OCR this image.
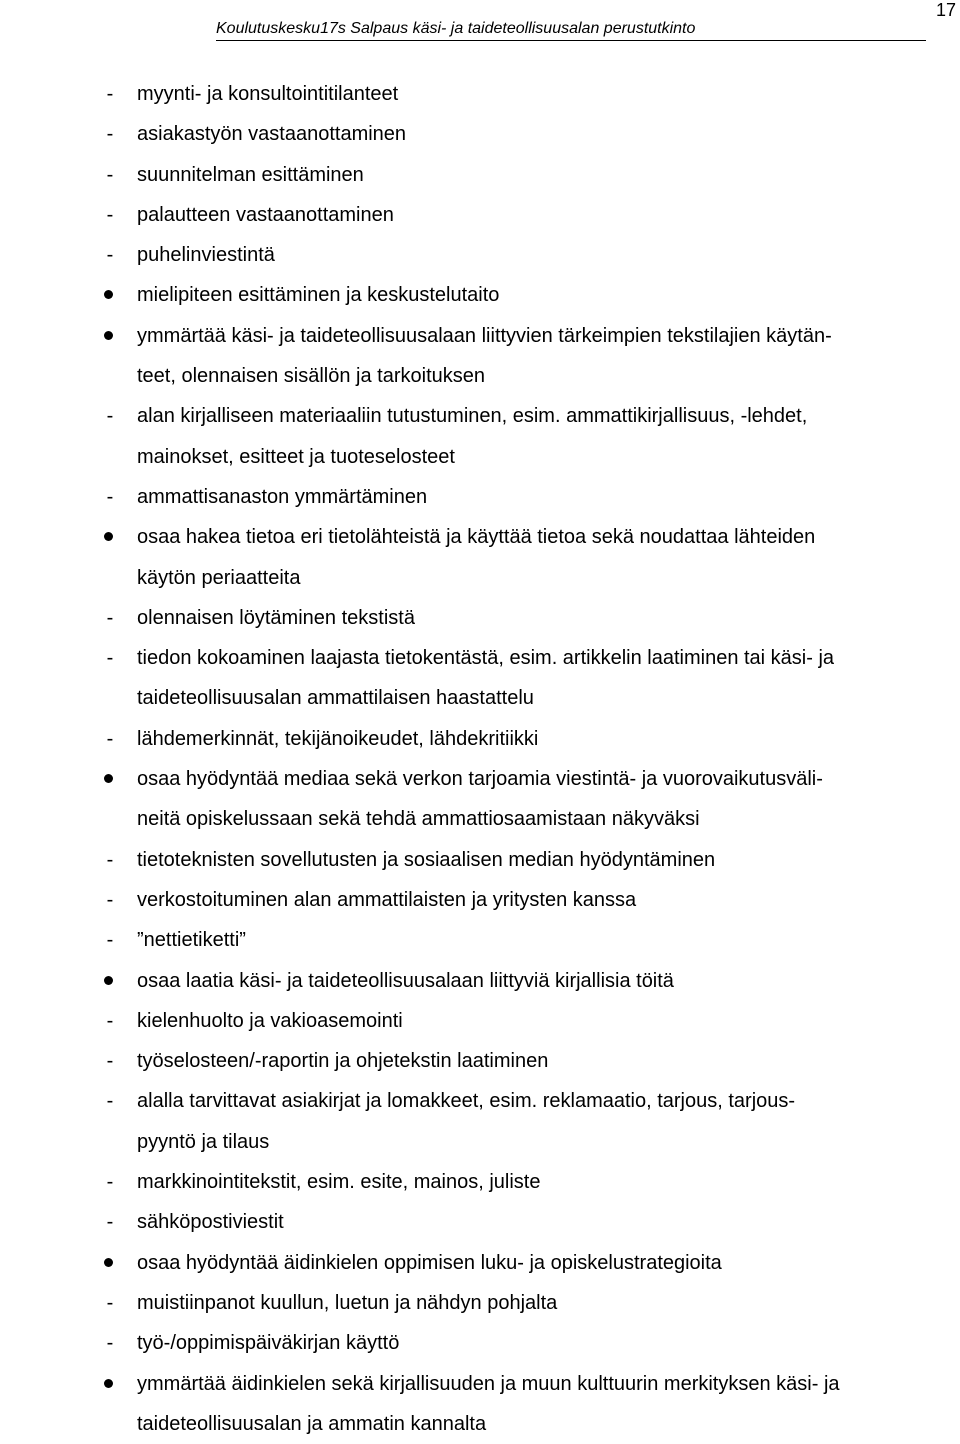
Koulutuskesku17s Salpaus käsi- ja taideteollisuusalan perustutkinto
17
-
myynti- ja konsultointitilanteet
-
asiakastyön vastaanottaminen
-
suunnitelman esittäminen
-
palautteen vastaanottaminen
-
puhelinviestintä
mielipiteen esittäminen ja keskustelutaito
ymmärtää käsi- ja taideteollisuusalaan liittyvien tärkeimpien tekstilajien käytän-
teet, olennaisen sisällön ja tarkoituksen
-
alan kirjalliseen materiaaliin tutustuminen, esim. ammattikirjallisuus, -lehdet,
mainokset, esitteet ja tuoteselosteet
-
ammattisanaston ymmärtäminen
osaa hakea tietoa eri tietolähteistä ja käyttää tietoa sekä noudattaa lähteiden
käytön periaatteita
-
olennaisen löytäminen tekstistä
-
tiedon kokoaminen laajasta tietokentästä, esim. artikkelin laatiminen tai käsi- ja
taideteollisuusalan ammattilaisen haastattelu
-
lähdemerkinnät, tekijänoikeudet, lähdekritiikki
osaa hyödyntää mediaa sekä verkon tarjoamia viestintä- ja vuorovaikutusväli-
neitä opiskelussaan sekä tehdä ammattiosaamistaan näkyväksi
-
tietoteknisten sovellutusten ja sosiaalisen median hyödyntäminen
-
verkostoituminen alan ammattilaisten ja yritysten kanssa
-
”nettietiketti”
osaa laatia käsi- ja taideteollisuusalaan liittyviä kirjallisia töitä
-
kielenhuolto ja vakioasemointi
-
työselosteen/-raportin ja ohjetekstin laatiminen
-
alalla tarvittavat asiakirjat ja lomakkeet, esim. reklamaatio, tarjous, tarjous-
pyyntö ja tilaus
-
markkinointitekstit, esim. esite, mainos, juliste
-
sähköpostiviestit
osaa hyödyntää äidinkielen oppimisen luku- ja opiskelustrategioita
-
muistiinpanot kuullun, luetun ja nähdyn pohjalta
-
työ-/oppimispäiväkirjan käyttö
ymmärtää äidinkielen sekä kirjallisuuden ja muun kulttuurin merkityksen käsi- ja
taideteollisuusalan ja ammatin kannalta
